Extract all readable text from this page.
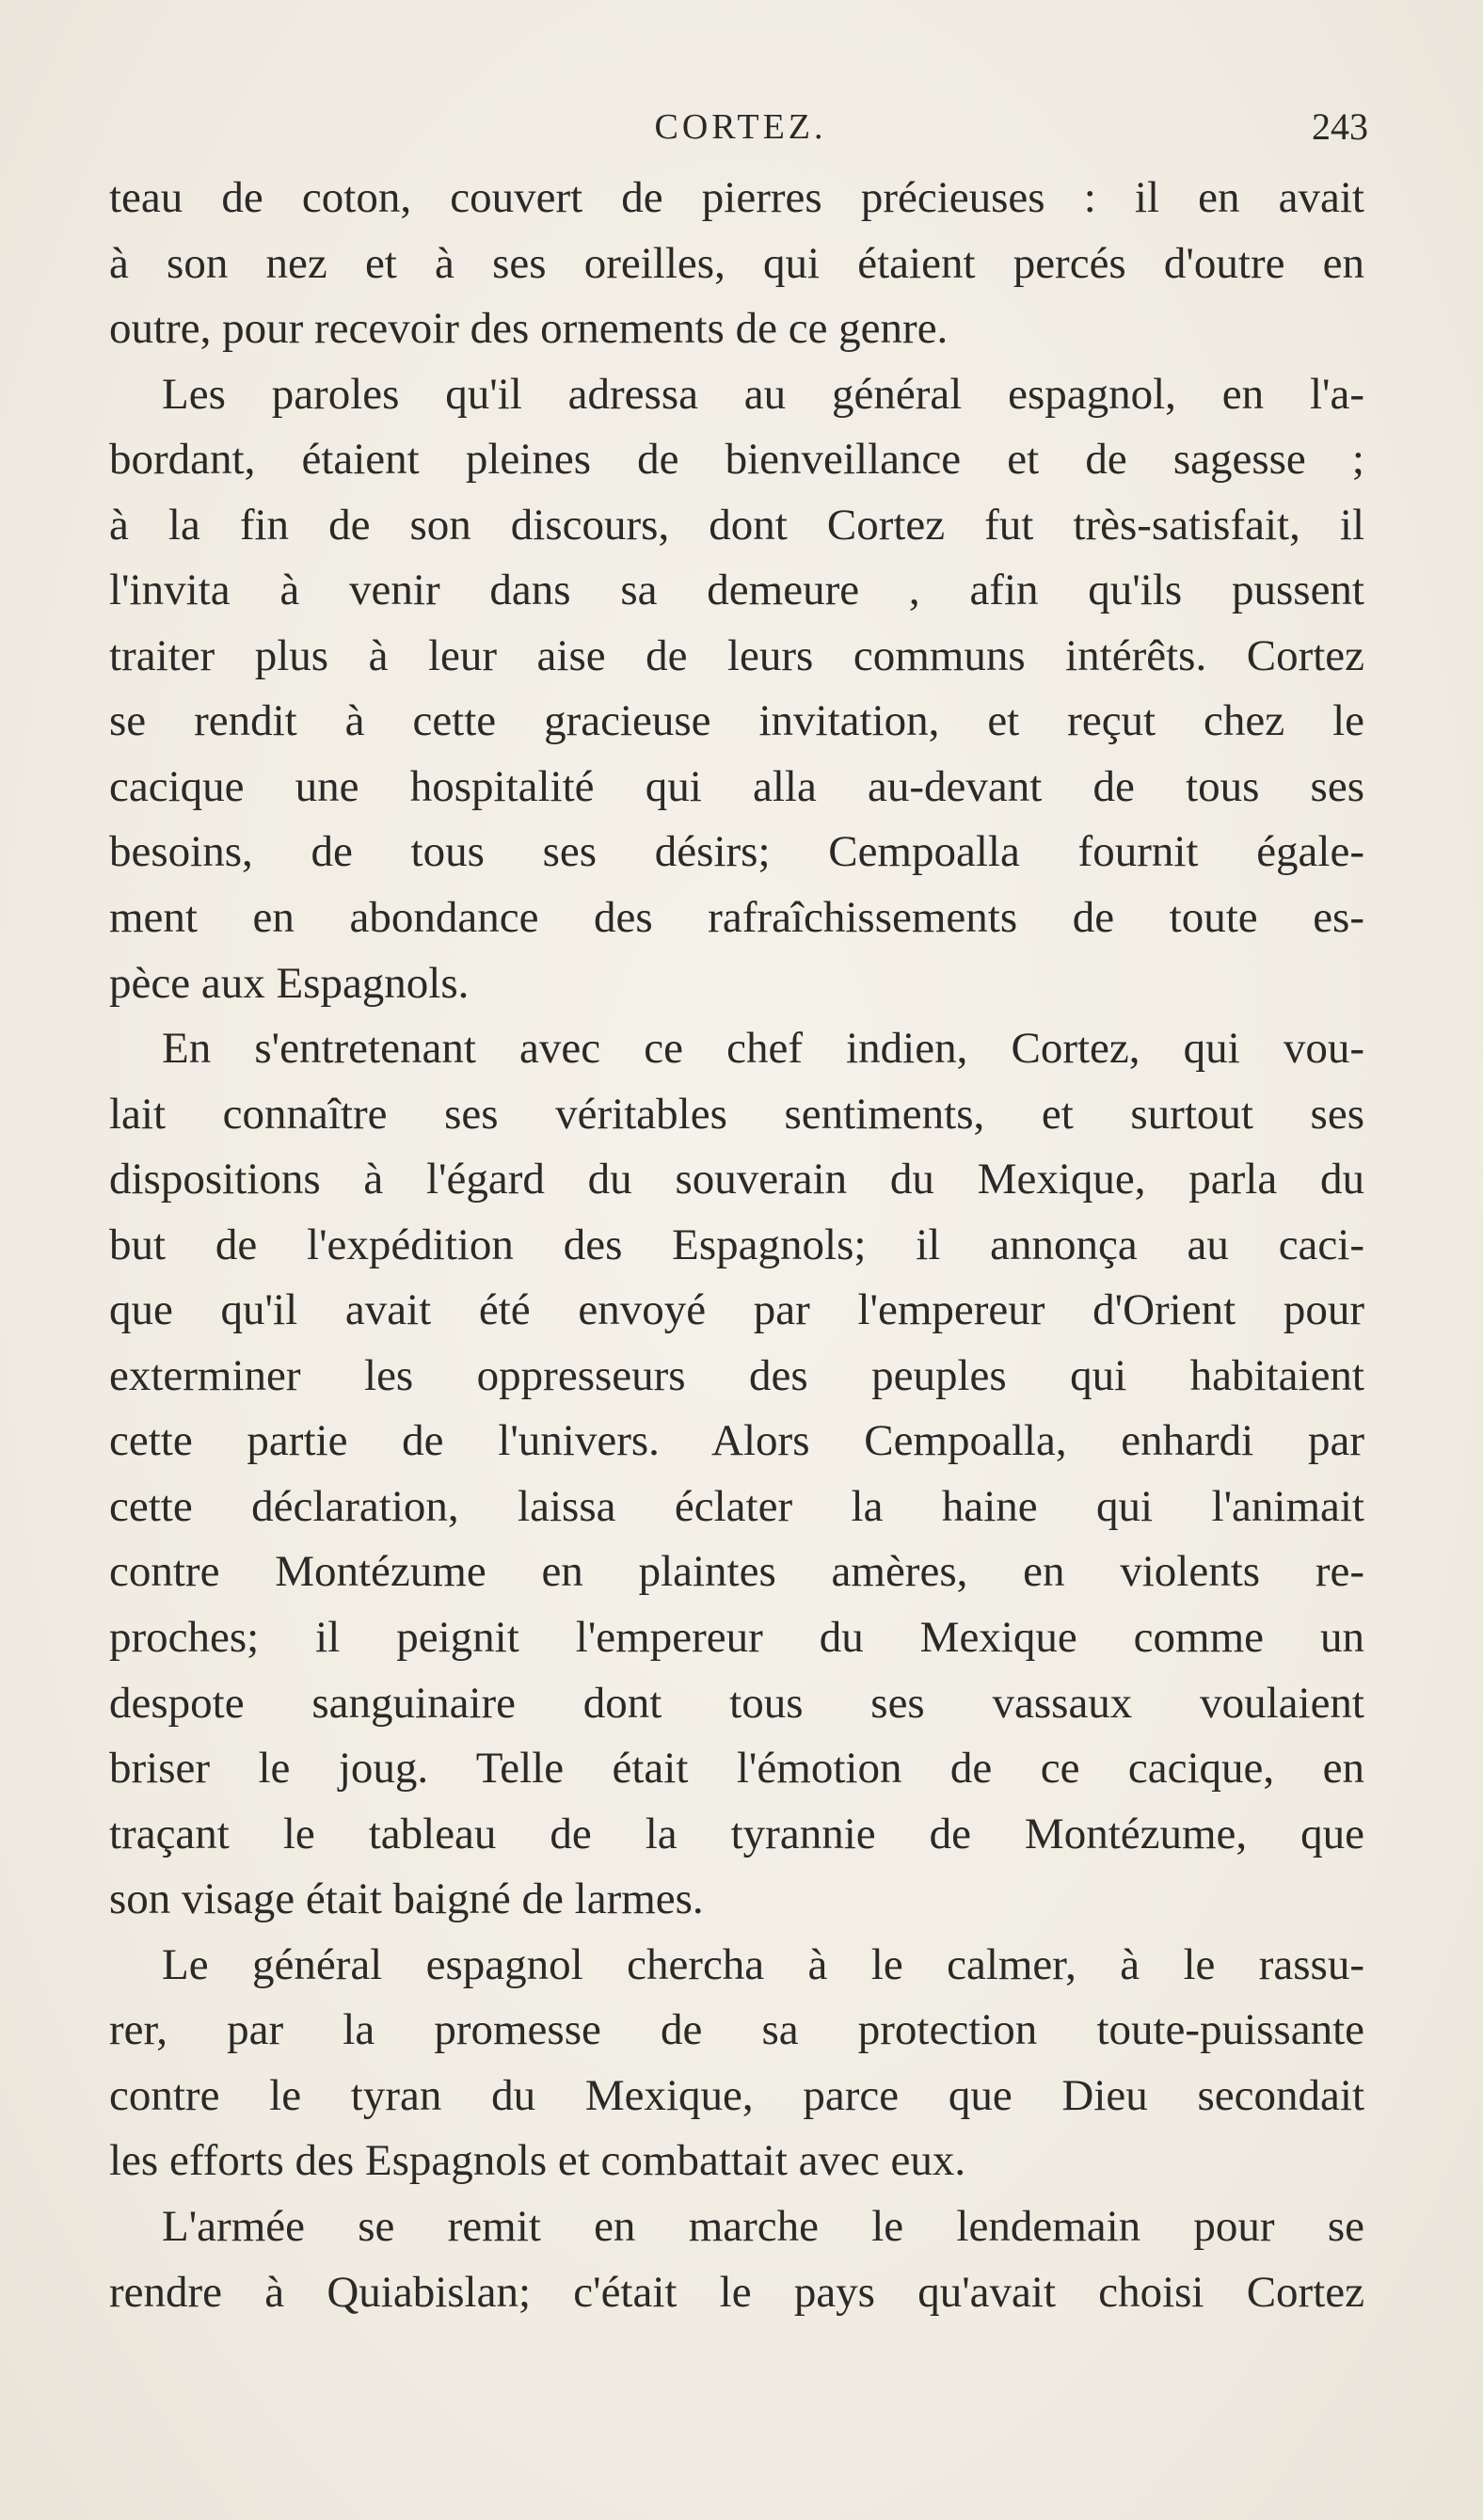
CORTEZ.	243
teau de coton, couvert de pierres précieuses : il en avait
à son nez et à ses oreilles, qui étaient percés d'outre en
outre, pour recevoir des ornements de ce genre.
Les paroles qu'il adressa au général espagnol, en l'a-
bordant, étaient pleines de bienveillance et de sagesse ;
à la fin de son discours, dont Cortez fut très-satisfait, il
l'invita à venir dans sa demeure , afin qu'ils pussent
traiter plus à leur aise de leurs communs intérêts. Cortez
se rendit à cette gracieuse invitation, et reçut chez le
cacique une hospitalité qui alla au-devant de tous ses
besoins, de tous ses désirs; Cempoalla fournit égale-
ment en abondance des rafraîchissements de toute es-
pèce aux Espagnols.
En s'entretenant avec ce chef indien, Cortez, qui vou-
lait connaître ses véritables sentiments, et surtout ses
dispositions à l'égard du souverain du Mexique, parla du
but de l'expédition des Espagnols; il annonça au caci-
que qu'il avait été envoyé par l'empereur d'Orient pour
exterminer les oppresseurs des peuples qui habitaient
cette partie de l'univers. Alors Cempoalla, enhardi par
cette déclaration, laissa éclater la haine qui l'animait
contre Montézume en plaintes amères, en violents re-
proches; il peignit l'empereur du Mexique comme un
despote sanguinaire dont tous ses vassaux voulaient
briser le joug. Telle était l'émotion de ce cacique, en
traçant le tableau de la tyrannie de Montézume, que
son visage était baigné de larmes.
Le général espagnol chercha à le calmer, à le rassu-
rer, par la promesse de sa protection toute-puissante
contre le tyran du Mexique, parce que Dieu secondait
les efforts des Espagnols et combattait avec eux.
L'armée se remit en marche le lendemain pour se
rendre à Quiabislan; c'était le pays qu'avait choisi Cortez
